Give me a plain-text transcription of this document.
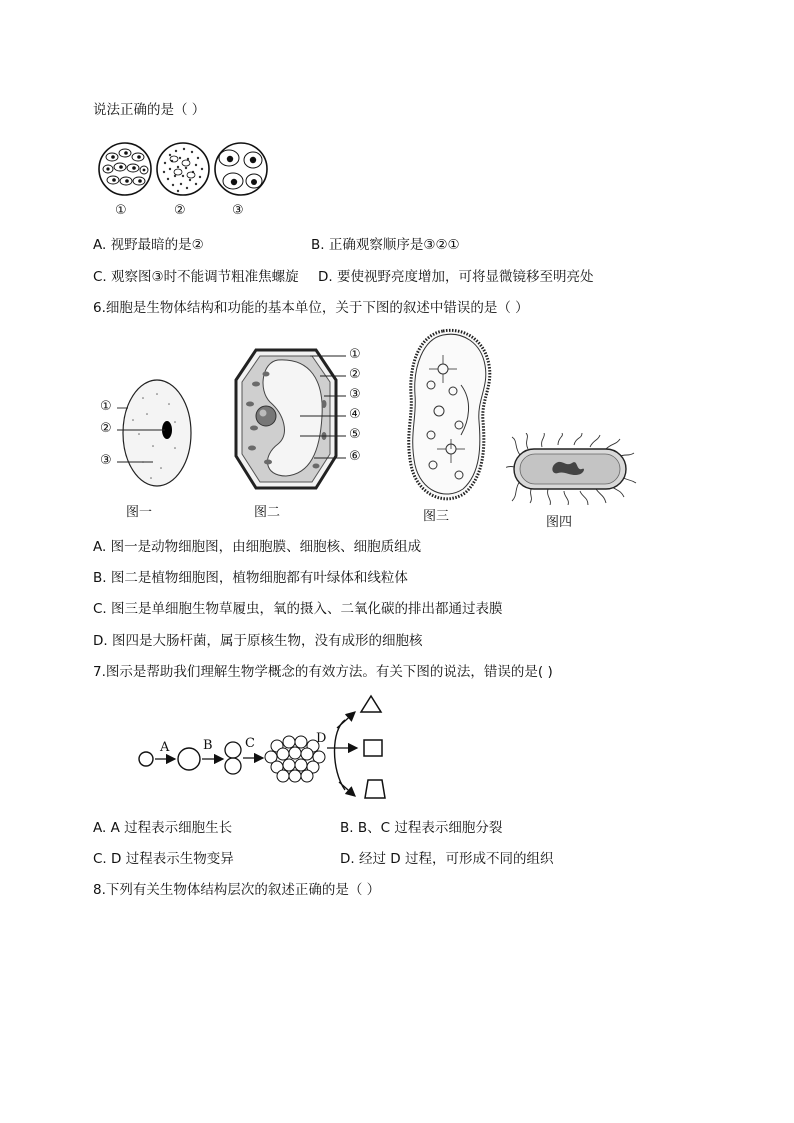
说法正确的是（ ）
①	②	③
A. 视野最暗的是②	B. 正确观察顺序是③②①
C. 观察图③时不能调节粗准焦螺旋 D. 要使视野亮度增加，可将显微镜移至明亮处
6.细胞是生物体结构和功能的基本单位，关于下图的叙述中错误的是（ ）
①
②
③
图一
①
②
③
④
⑤
⑥
图二	图三	图四
A. 图一是动物细胞图，由细胞膜、细胞核、细胞质组成
B. 图二是植物细胞图，植物细胞都有叶绿体和线粒体
C. 图三是单细胞生物草履虫，氧的摄入、二氧化碳的排出都通过表膜
D. 图四是大肠杆菌，属于原核生物，没有成形的细胞核
7.图示是帮助我们理解生物学概念的有效方法。有关下图的说法，错误的是( )
A	B C	D
A. A 过程表示细胞生长	B. B、C 过程表示细胞分裂
C. D 过程表示生物变异	D. 经过 D 过程，可形成不同的组织
8.下列有关生物体结构层次的叙述正确的是（ ）
